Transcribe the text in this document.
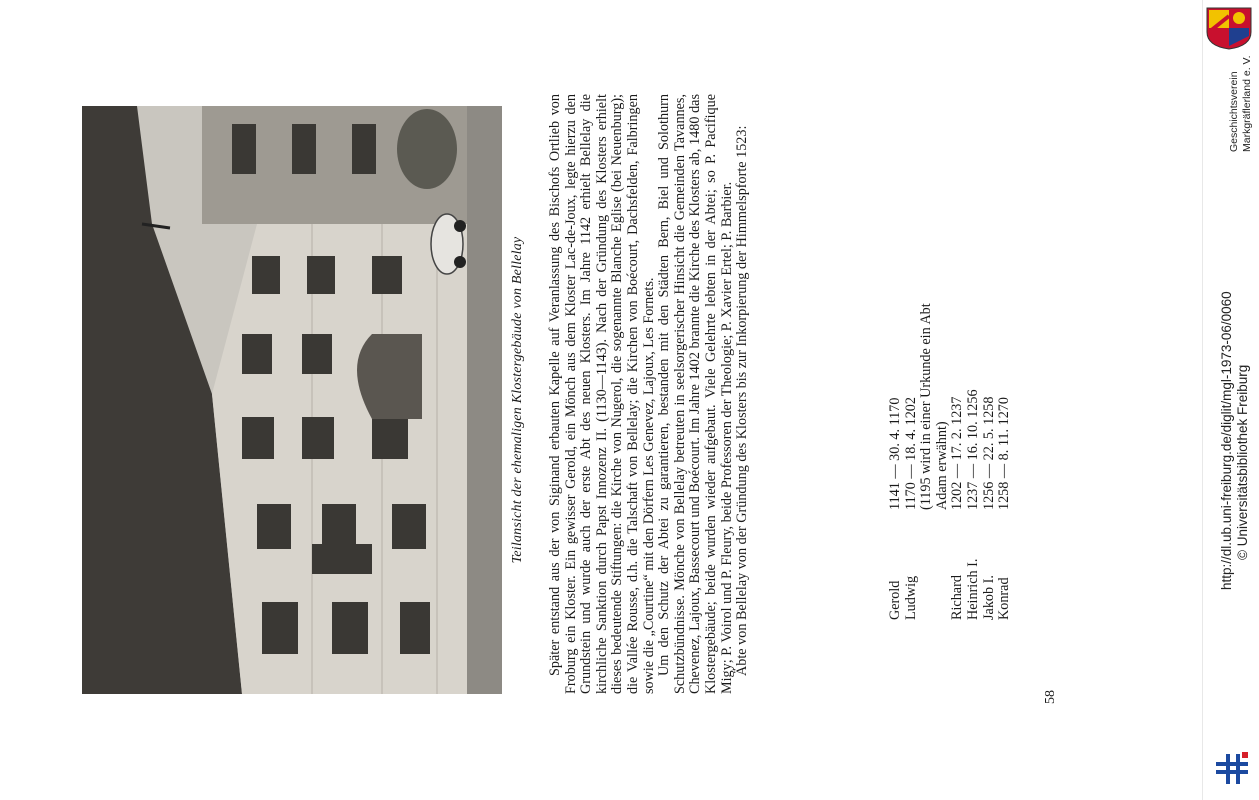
Teilansicht der ehemaligen Klostergebäude von Bellelay Später entstand aus der von Siginand erbauten Kapelle auf Veranlassung des Bischofs Ortlieb von Froburg ein Kloster. Ein gewisser Gerold, ein Mönch aus dem Kloster Lac-de-Joux, legte hierzu den Grundstein und wurde auch der erste Abt des neuen Klosters. Im Jahre 1142 erhielt Bellelay die kirchliche Sanktion durch Papst Innozenz II. (1130—1143). Nach der Gründung des Klosters erhielt dieses bedeutende Stiftungen: die Kirche von Nugerol, die sogenannte Blanche Eglise (bei Neuenburg); die Vallée Rousse, d.h. die Talschaft von Bellelay; die Kirchen von Boécourt, Dachsfelden, Falbringen sowie die „Courtine“ mit den Dörfern Les Genevez, Lajoux, Les Fornets. Um den Schutz der Abtei zu garantieren, bestanden mit den Städten Bern, Biel und Solothurn Schutzbündnisse. Mönche von Bellelay betreuten in seelsorgerischer Hinsicht die Gemeinden Tavannes, Chevenez, Lajoux, Bassecourt und Boécourt. Im Jahre 1402 brannte die Kirche des Klosters ab, 1480 das Klostergebäude; beide wurden wieder aufgebaut. Viele Gelehrte lebten in der Abtei; so P. Pacifique Migy; P. Voirol und P. Fleury, beide Professoren der Theologie; P. Xavier Ertel; P. Barbier. Äbte von Bellelay von der Gründung des Klosters bis zur Inkorpierung der Himmelspforte 1523:	Gerold
1141 — 30. 4. 1170
Ludwig
1170 — 18. 4. 1202 (1195 wird in einer Urkunde ein Abt Adam erwähnt)
Richard
1202 — 17. 2. 1237
Heinrich I.
1237 — 16. 10. 1256
Jakob I.
1256 — 22. 5. 1258
Konrad
1258 — 8. 11. 1270
58
Geschichtsverein Markgräflerland e. V.
http://dl.ub.uni-freiburg.de/diglit/mgl-1973-06/0060 © Universitätsbibliothek Freiburg
